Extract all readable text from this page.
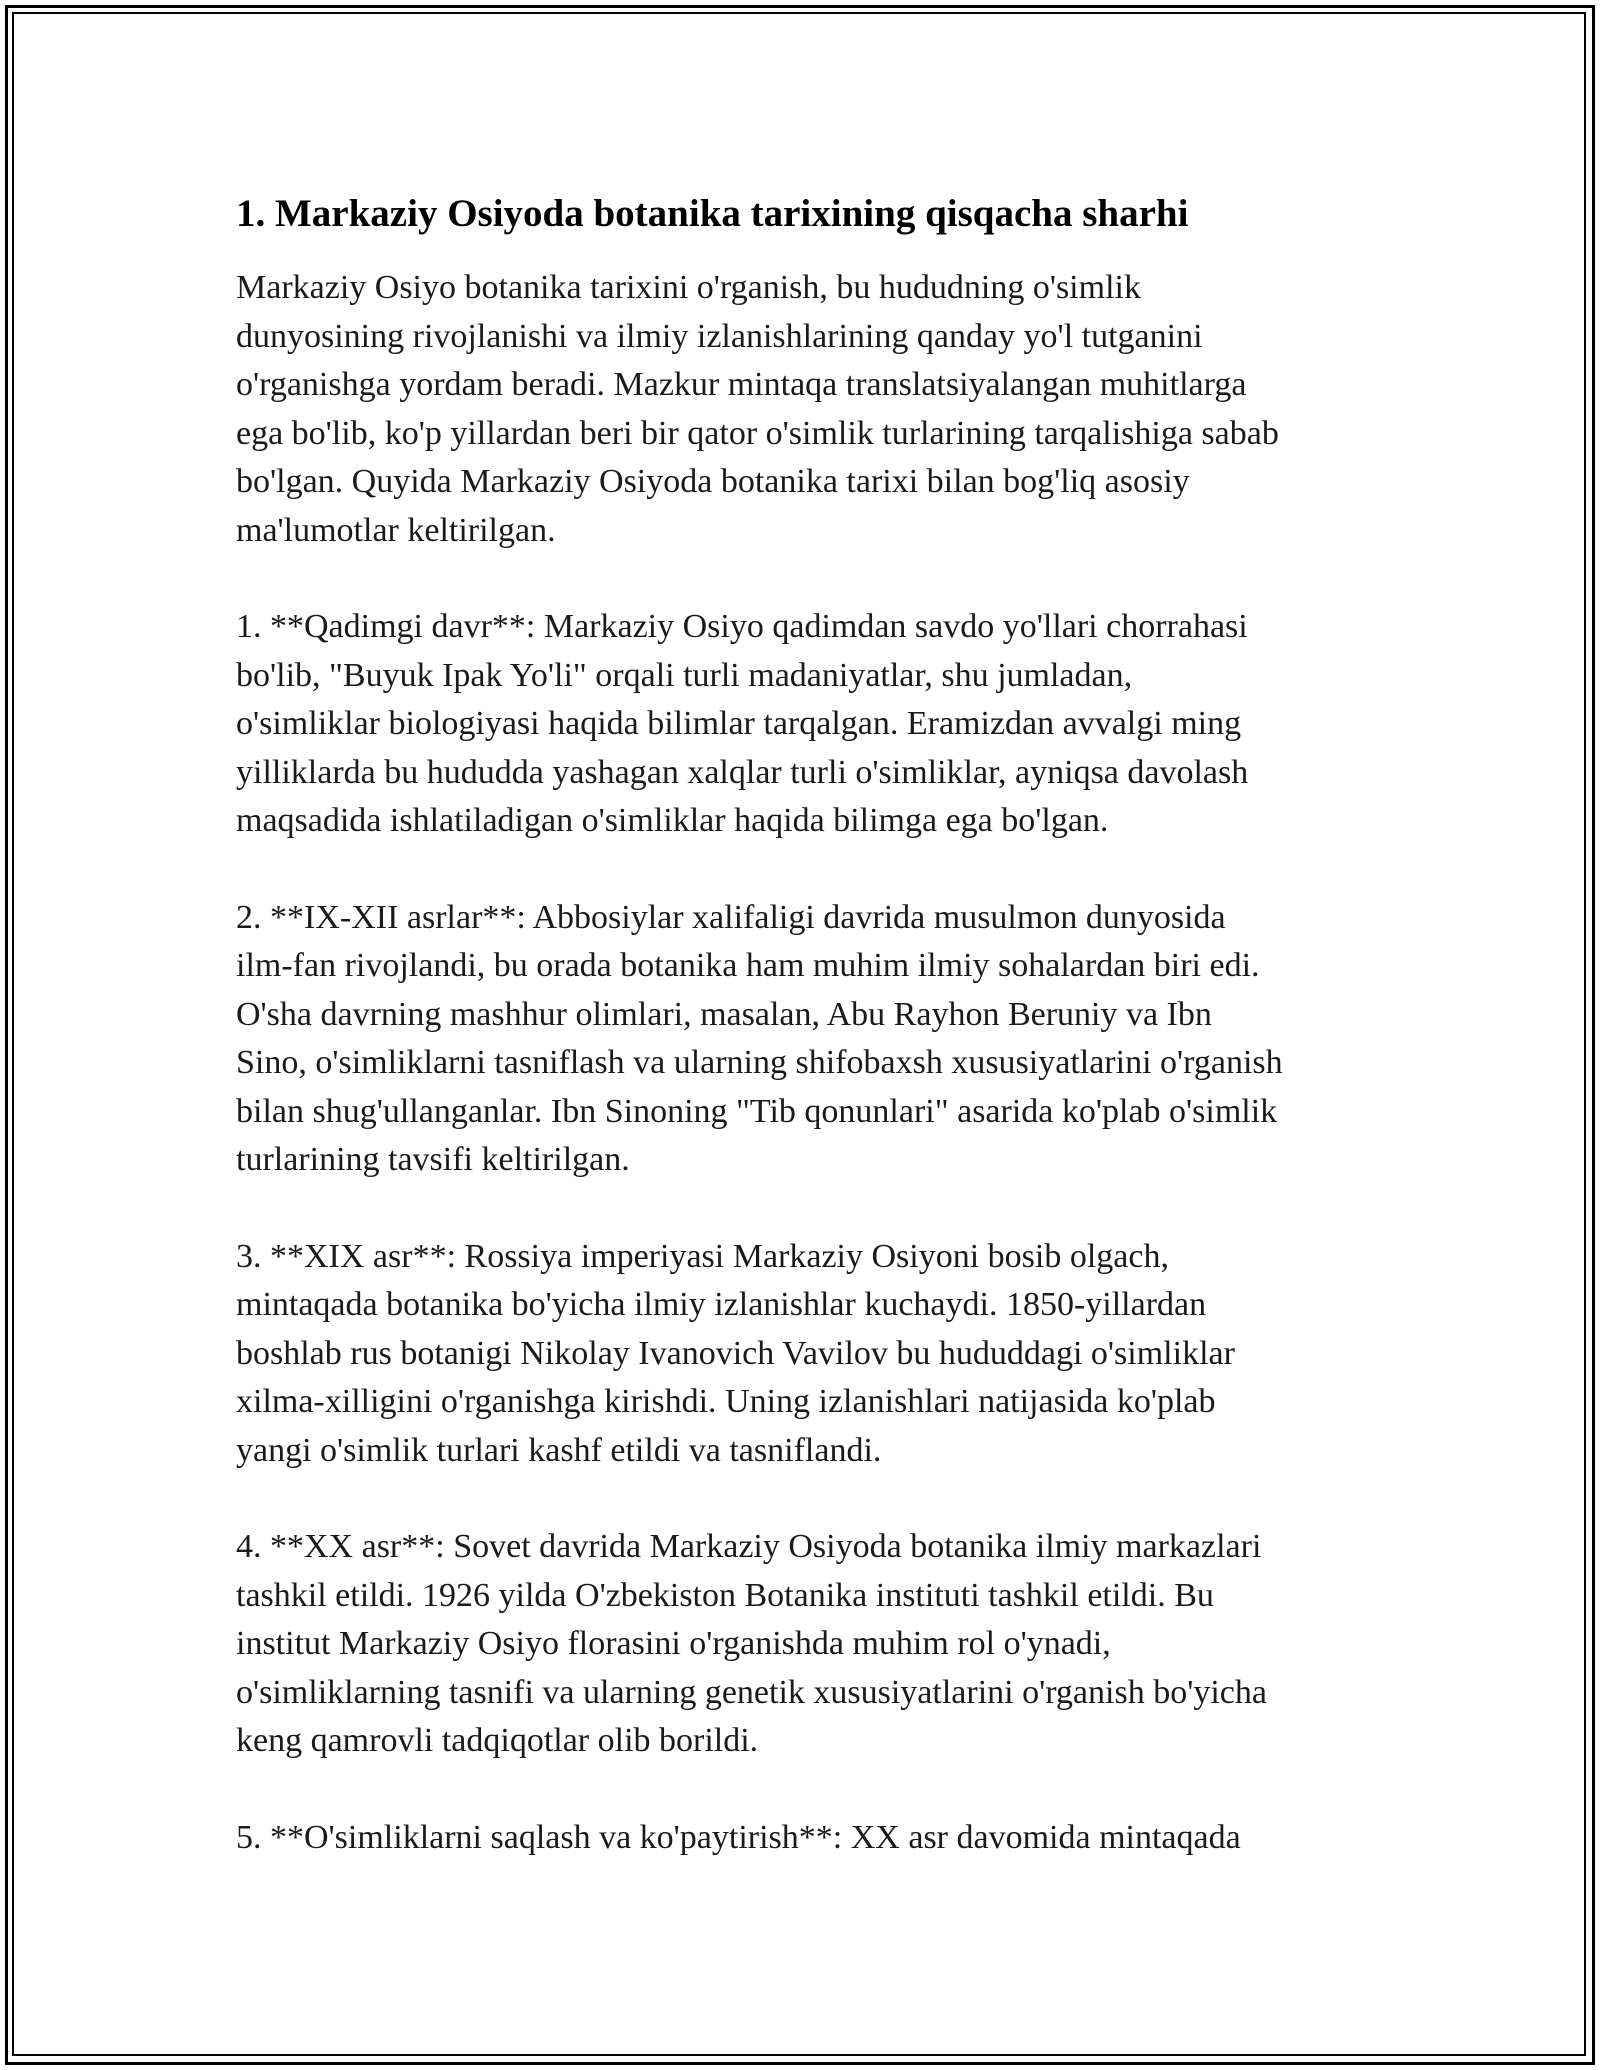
1. Markaziy Osiyoda botanika tarixining qisqacha sharhi

Markaziy Osiyo botanika tarixini o'rganish, bu hududning o'simlik
dunyosining rivojlanishi va ilmiy izlanishlarining qanday yo'l tutganini
o'rganishga yordam beradi. Mazkur mintaqa translatsiyalangan muhitlarga
ega bo'lib, ko'p yillardan beri bir qator o'simlik turlarining tarqalishiga sabab
bo'lgan. Quyida Markaziy Osiyoda botanika tarixi bilan bog'liq asosiy
ma'lumotlar keltirilgan.

1. **Qadimgi davr**: Markaziy Osiyo qadimdan savdo yo'llari chorrahasi
bo'lib, "Buyuk Ipak Yo'li" orqali turli madaniyatlar, shu jumladan,
o'simliklar biologiyasi haqida bilimlar tarqalgan. Eramizdan avvalgi ming
yilliklarda bu hududda yashagan xalqlar turli o'simliklar, ayniqsa davolash
maqsadida ishlatiladigan o'simliklar haqida bilimga ega bo'lgan.

2. **IX-XII asrlar**: Abbosiylar xalifaligi davrida musulmon dunyosida
ilm-fan rivojlandi, bu orada botanika ham muhim ilmiy sohalardan biri edi.
O'sha davrning mashhur olimlari, masalan, Abu Rayhon Beruniy va Ibn
Sino, o'simliklarni tasniflash va ularning shifobaxsh xususiyatlarini o'rganish
bilan shug'ullanganlar. Ibn Sinoning "Tib qonunlari" asarida ko'plab o'simlik
turlarining tavsifi keltirilgan.

3. **XIX asr**: Rossiya imperiyasi Markaziy Osiyoni bosib olgach,
mintaqada botanika bo'yicha ilmiy izlanishlar kuchaydi. 1850-yillardan
boshlab rus botanigi Nikolay Ivanovich Vavilov bu hududdagi o'simliklar
xilma-xilligini o'rganishga kirishdi. Uning izlanishlari natijasida ko'plab
yangi o'simlik turlari kashf etildi va tasniflandi.

4. **XX asr**: Sovet davrida Markaziy Osiyoda botanika ilmiy markazlari
tashkil etildi. 1926 yilda O'zbekiston Botanika instituti tashkil etildi. Bu
institut Markaziy Osiyo florasini o'rganishda muhim rol o'ynadi,
o'simliklarning tasnifi va ularning genetik xususiyatlarini o'rganish bo'yicha
keng qamrovli tadqiqotlar olib borildi.

5. **O'simliklarni saqlash va ko'paytirish**: XX asr davomida mintaqada
